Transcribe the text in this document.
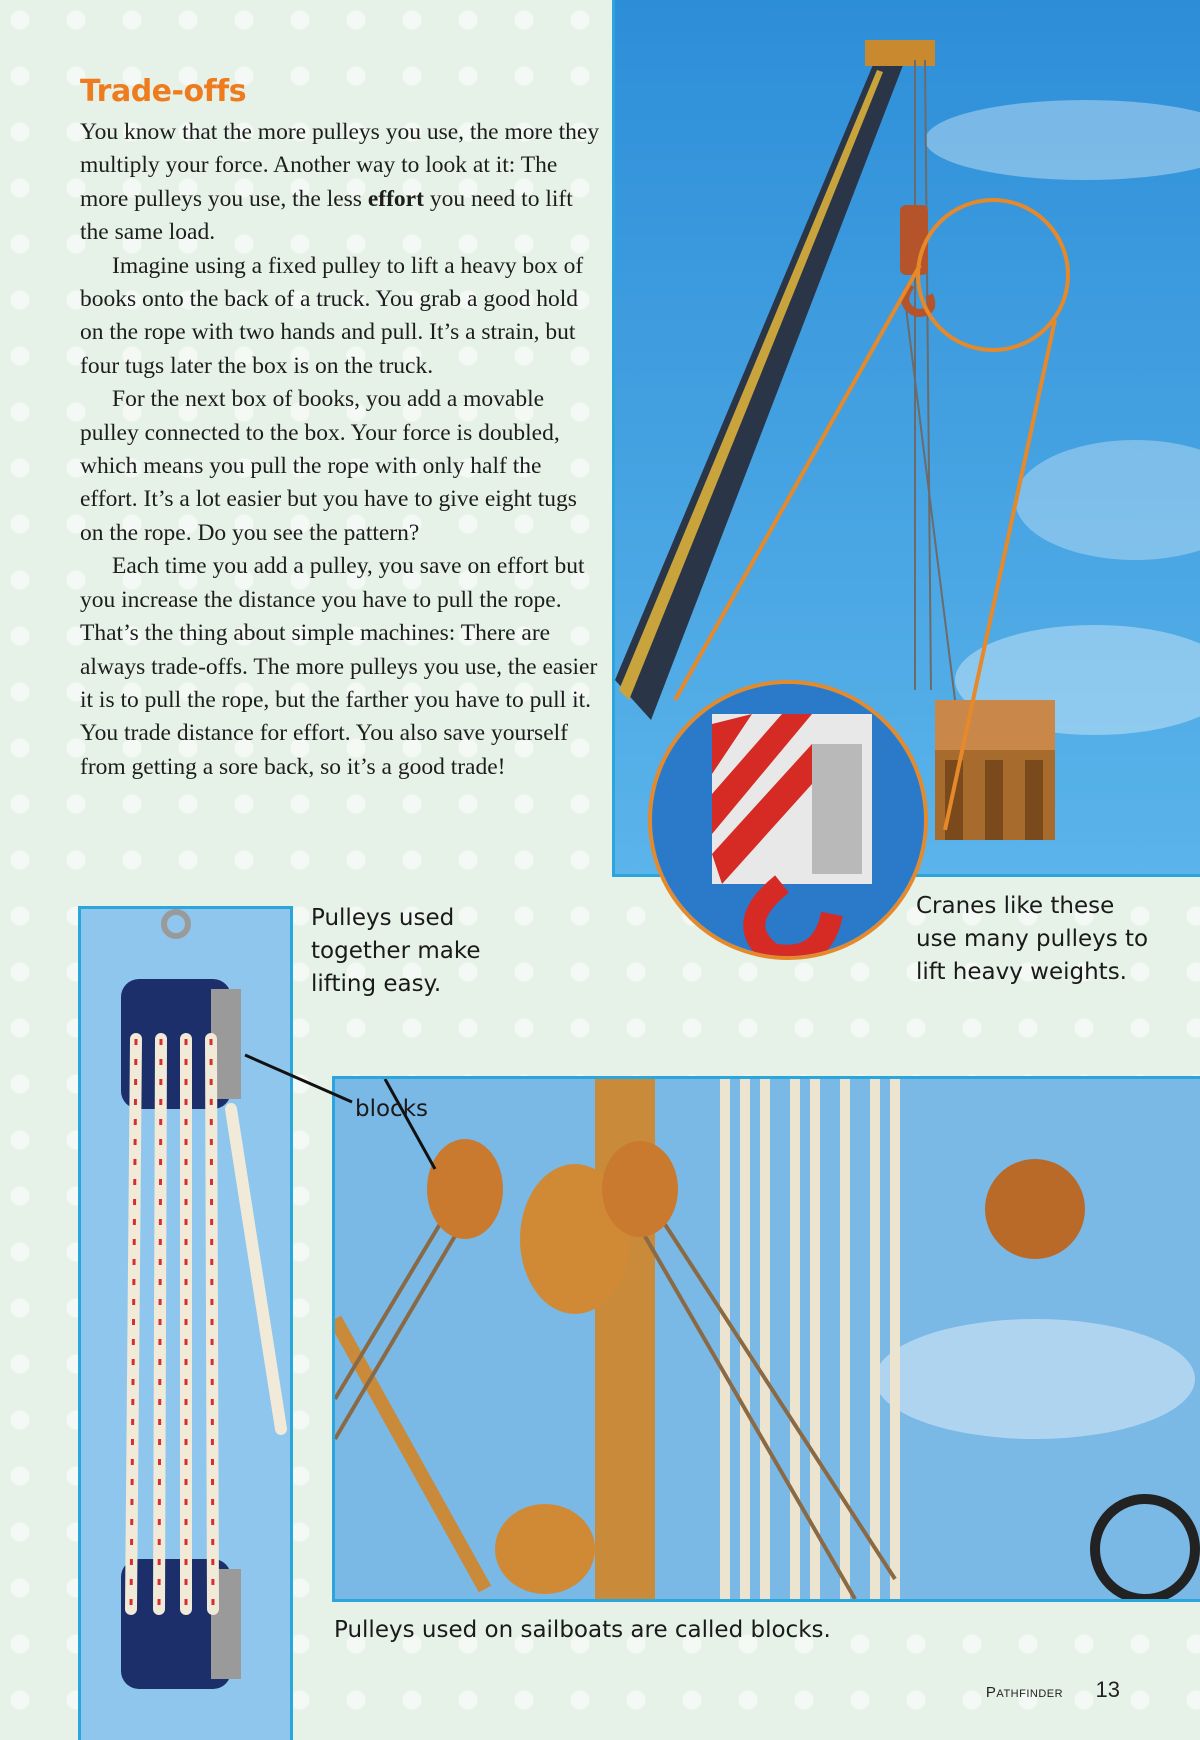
Trade-offs

You know that the more pulleys you use, the more they multiply your force. Another way to look at it: The more pulleys you use, the less effort you need to lift the same load.

Imagine using a fixed pulley to lift a heavy box of books onto the back of a truck. You grab a good hold on the rope with two hands and pull. It’s a strain, but four tugs later the box is on the truck.

For the next box of books, you add a movable pulley connected to the box. Your force is doubled, which means you pull the rope with only half the effort. It’s a lot easier but you have to give eight tugs on the rope. Do you see the pattern?

Each time you add a pulley, you save on effort but you increase the distance you have to pull the rope. That’s the thing about simple machines: There are always trade-offs. The more pulleys you use, the easier it is to pull the rope, but the farther you have to pull it. You trade distance for effort. You also save yourself from getting a sore back, so it’s a good trade!

Cranes like these use many pulleys to lift heavy weights.

Pulleys used together make lifting easy.

blocks

Pulleys used on sailboats are called blocks.

Pathfinder 13
